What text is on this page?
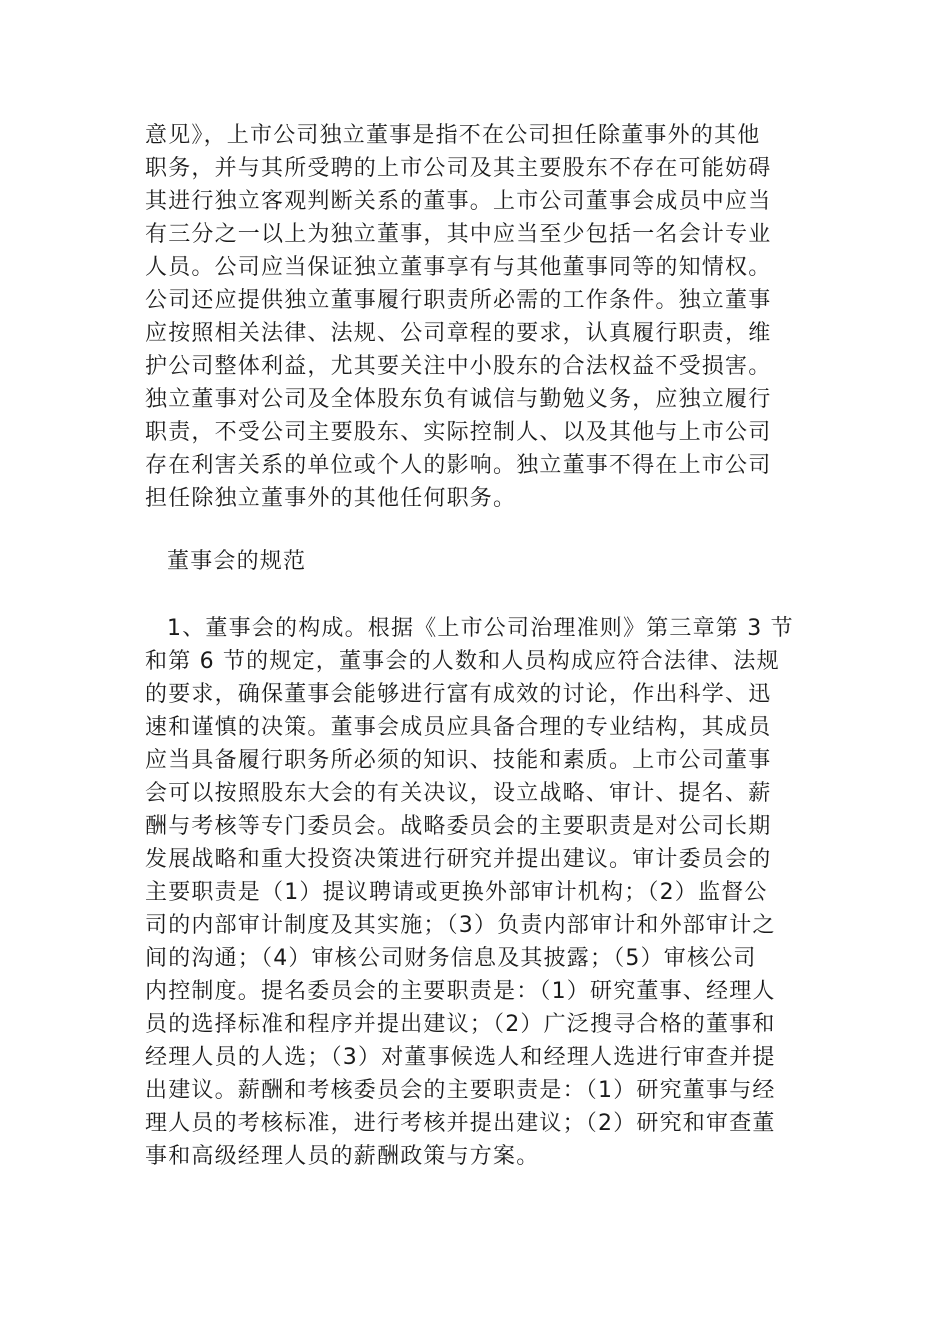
意见》，上市公司独立董事是指不在公司担任除董事外的其他
职务，并与其所受聘的上市公司及其主要股东不存在可能妨碍
其进行独立客观判断关系的董事。上市公司董事会成员中应当
有三分之一以上为独立董事，其中应当至少包括一名会计专业
人员。公司应当保证独立董事享有与其他董事同等的知情权。
公司还应提供独立董事履行职责所必需的工作条件。独立董事
应按照相关法律、法规、公司章程的要求，认真履行职责，维
护公司整体利益，尤其要关注中小股东的合法权益不受损害。
独立董事对公司及全体股东负有诚信与勤勉义务，应独立履行
职责，不受公司主要股东、实际控制人、以及其他与上市公司
存在利害关系的单位或个人的影响。独立董事不得在上市公司
担任除独立董事外的其他任何职务。
董事会的规范
1、董事会的构成。根据《上市公司治理准则》第三章第 3 节
和第 6 节的规定，董事会的人数和人员构成应符合法律、法规
的要求，确保董事会能够进行富有成效的讨论，作出科学、迅
速和谨慎的决策。董事会成员应具备合理的专业结构，其成员
应当具备履行职务所必须的知识、技能和素质。上市公司董事
会可以按照股东大会的有关决议，设立战略、审计、提名、薪
酬与考核等专门委员会。战略委员会的主要职责是对公司长期
发展战略和重大投资决策进行研究并提出建议。审计委员会的
主要职责是（1）提议聘请或更换外部审计机构；（2）监督公
司的内部审计制度及其实施；（3）负责内部审计和外部审计之
间的沟通；（4）审核公司财务信息及其披露；（5）审核公司
内控制度。提名委员会的主要职责是：（1）研究董事、经理人
员的选择标准和程序并提出建议；（2）广泛搜寻合格的董事和
经理人员的人选；（3）对董事候选人和经理人选进行审查并提
出建议。薪酬和考核委员会的主要职责是：（1）研究董事与经
理人员的考核标准，进行考核并提出建议；（2）研究和审查董
事和高级经理人员的薪酬政策与方案。
